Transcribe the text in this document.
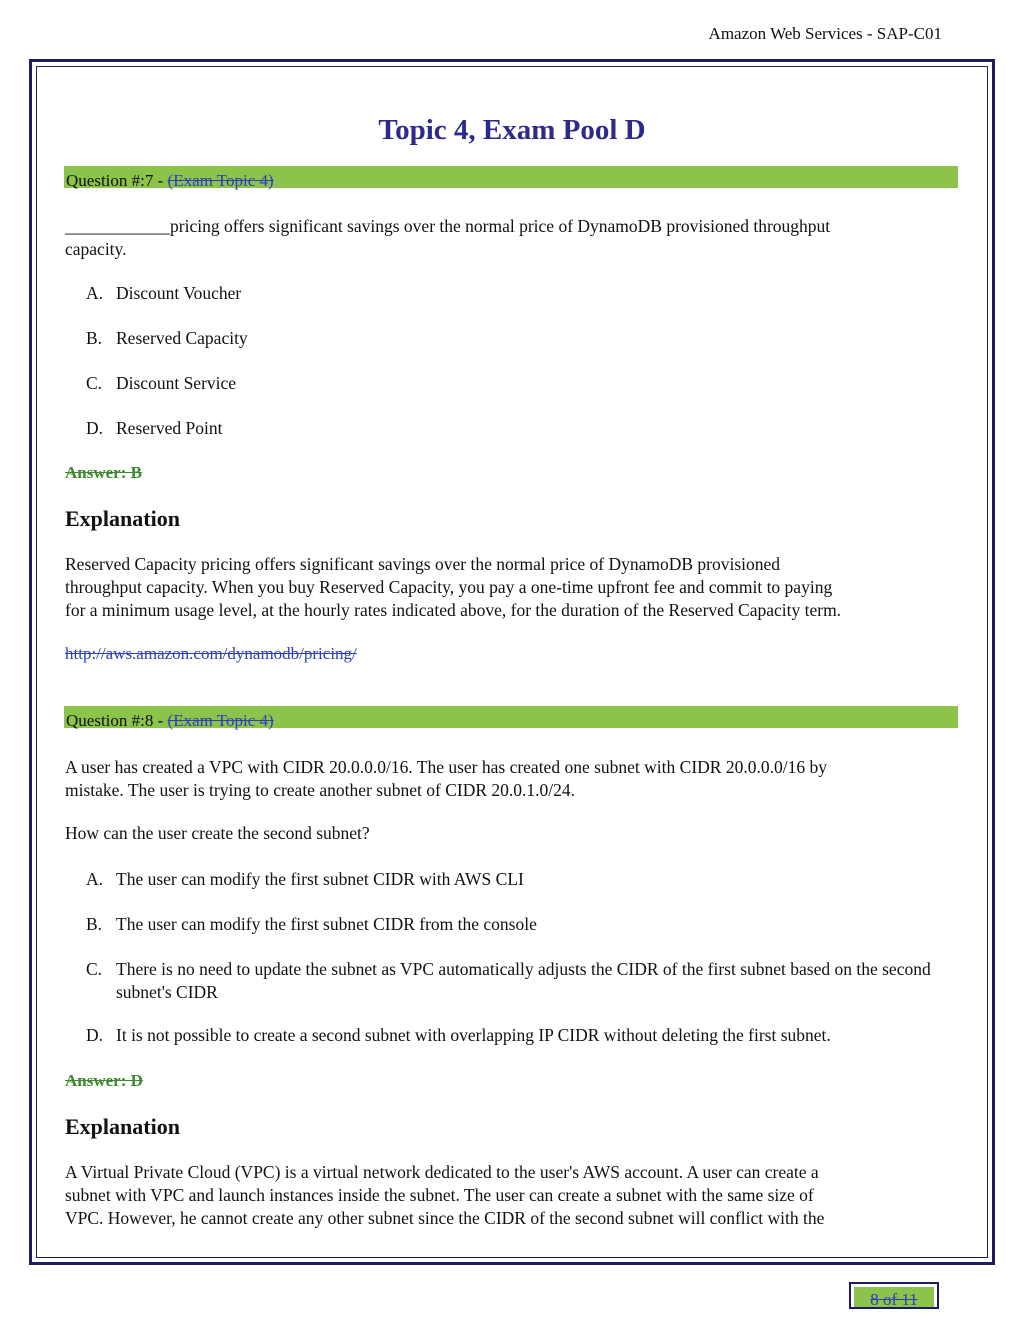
Amazon Web Services - SAP-C01
Topic 4, Exam Pool D
Question #:7 - (Exam Topic 4)

____________pricing offers significant savings over the normal price of DynamoDB provisioned throughput
capacity.

A. Discount Voucher
B. Reserved Capacity
C. Discount Service
D. Reserved Point
Answer: B
Explanation

Reserved Capacity pricing offers significant savings over the normal price of DynamoDB provisioned
throughput capacity. When you buy Reserved Capacity, you pay a one-time upfront fee and commit to paying
for a minimum usage level, at the hourly rates indicated above, for the duration of the Reserved Capacity term.

http://aws.amazon.com/dynamodb/pricing/
Question #:8 - (Exam Topic 4)

A user has created a VPC with CIDR 20.0.0.0/16. The user has created one subnet with CIDR 20.0.0.0/16 by
mistake. The user is trying to create another subnet of CIDR 20.0.1.0/24.

How can the user create the second subnet?

A. The user can modify the first subnet CIDR with AWS CLI
B. The user can modify the first subnet CIDR from the console
C. There is no need to update the subnet as VPC automatically adjusts the CIDR of the first subnet based on the second subnet's CIDR
D. It is not possible to create a second subnet with overlapping IP CIDR without deleting the first subnet.
Answer: D
Explanation

A Virtual Private Cloud (VPC) is a virtual network dedicated to the user's AWS account. A user can create a
subnet with VPC and launch instances inside the subnet. The user can create a subnet with the same size of
VPC. However, he cannot create any other subnet since the CIDR of the second subnet will conflict with the

8 of 11
